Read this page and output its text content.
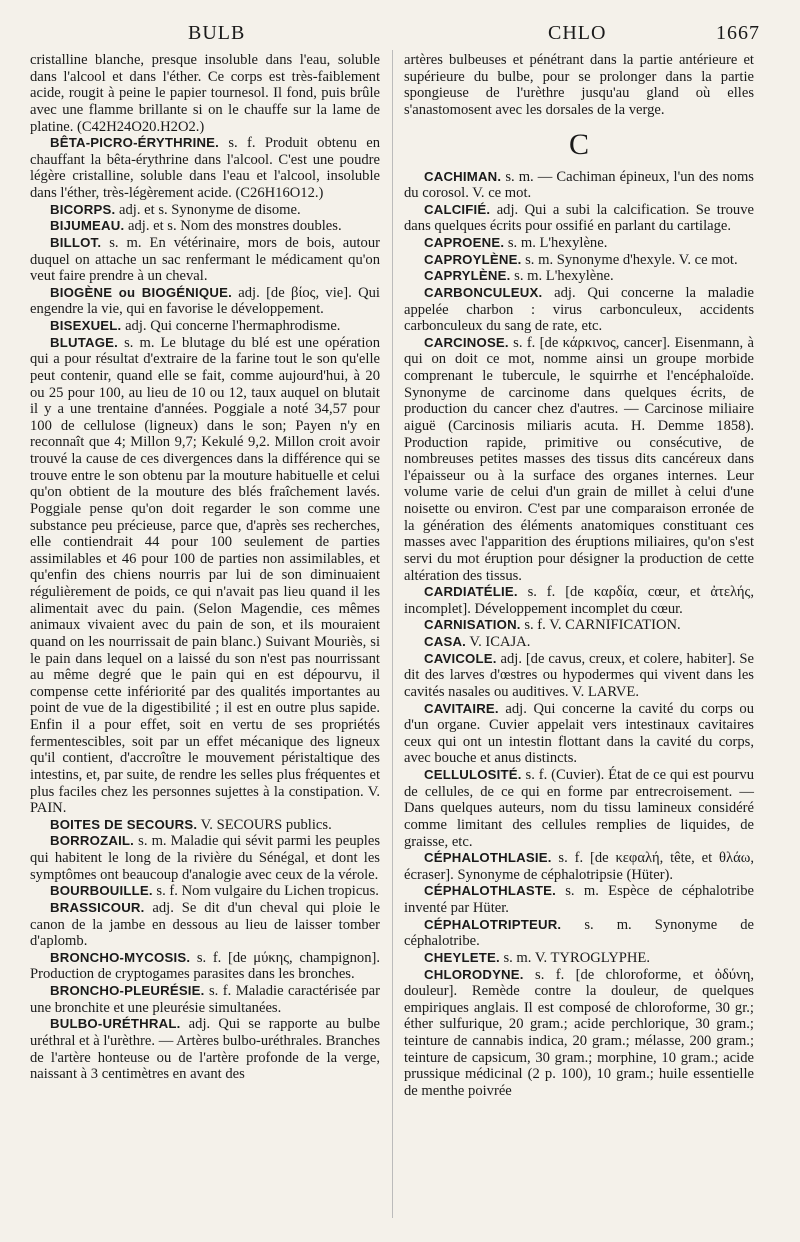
BULB	CHLO	1667

cristalline blanche, presque insoluble dans l'eau, soluble dans l'alcool et dans l'éther. Ce corps est très-faiblement acide, rougit à peine le papier tournesol. Il fond, puis brûle avec une flamme brillante si on le chauffe sur la lame de platine. (C42H24O20.H2O2.)

BÊTA-PICRO-ÉRYTHRINE. s. f. Produit obtenu en chauffant la bêta-érythrine dans l'alcool. C'est une poudre légère cristalline, soluble dans l'eau et l'alcool, insoluble dans l'éther, très-légèrement acide. (C26H16O12.)

BICORPS. adj. et s. Synonyme de disome.

BIJUMEAU. adj. et s. Nom des monstres doubles.

BILLOT. s. m. En vétérinaire, mors de bois, autour duquel on attache un sac renfermant le médicament qu'on veut faire prendre à un cheval.

BIOGÈNE ou BIOGÉNIQUE. adj. [de βίος, vie]. Qui engendre la vie, qui en favorise le développement.

BISEXUEL. adj. Qui concerne l'hermaphrodisme.

BLUTAGE. s. m. Le blutage du blé est une opération qui a pour résultat d'extraire de la farine tout le son qu'elle peut contenir, quand elle se fait, comme aujourd'hui, à 20 ou 25 pour 100, au lieu de 10 ou 12, taux auquel on blutait il y a une trentaine d'années. Poggiale a noté 34,57 pour 100 de cellulose (ligneux) dans le son; Payen n'y en reconnaît que 4; Millon 9,7; Kekulé 9,2. Millon croit avoir trouvé la cause de ces divergences dans la différence qui se trouve entre le son obtenu par la mouture habituelle et celui qu'on obtient de la mouture des blés fraîchement lavés. Poggiale pense qu'on doit regarder le son comme une substance peu précieuse, parce que, d'après ses recherches, elle contiendrait 44 pour 100 seulement de parties assimilables et 46 pour 100 de parties non assimilables, et qu'enfin des chiens nourris par lui de son diminuaient régulièrement de poids, ce qui n'avait pas lieu quand il les alimentait avec du pain. (Selon Magendie, ces mêmes animaux vivaient avec du pain de son, et ils mouraient quand on les nourrissait de pain blanc.) Suivant Mouriès, si le pain dans lequel on a laissé du son n'est pas nourrissant au même degré que le pain qui en est dépourvu, il compense cette infériorité par des qualités importantes au point de vue de la digestibilité ; il est en outre plus sapide. Enfin il a pour effet, soit en vertu de ses propriétés fermentescibles, soit par un effet mécanique des ligneux qu'il contient, d'accroître le mouvement péristaltique des intestins, et, par suite, de rendre les selles plus fréquentes et plus faciles chez les personnes sujettes à la constipation. V. PAIN.

BOITES DE SECOURS. V. SECOURS publics.

BORROZAIL. s. m. Maladie qui sévit parmi les peuples qui habitent le long de la rivière du Sénégal, et dont les symptômes ont beaucoup d'analogie avec ceux de la vérole.

BOURBOUILLE. s. f. Nom vulgaire du Lichen tropicus.

BRASSICOUR. adj. Se dit d'un cheval qui ploie le canon de la jambe en dessous au lieu de laisser tomber d'aplomb.

BRONCHO-MYCOSIS. s. f. [de μύκης, champignon]. Production de cryptogames parasites dans les bronches.

BRONCHO-PLEURÉSIE. s. f. Maladie caractérisée par une bronchite et une pleurésie simultanées.

BULBO-URÉTHRAL. adj. Qui se rapporte au bulbe uréthral et à l'urèthre. — Artères bulbo-uréthrales. Branches de l'artère honteuse ou de l'artère profonde de la verge, naissant à 3 centimètres en avant des

artères bulbeuses et pénétrant dans la partie antérieure et supérieure du bulbe, pour se prolonger dans la partie spongieuse de l'urèthre jusqu'au gland où elles s'anastomosent avec les dorsales de la verge.

C

CACHIMAN. s. m. — Cachiman épineux, l'un des noms du corosol. V. ce mot.

CALCIFIÉ. adj. Qui a subi la calcification. Se trouve dans quelques écrits pour ossifié en parlant du cartilage.

CAPROENE. s. m. L'hexylène.

CAPROYLÈNE. s. m. Synonyme d'hexyle. V. ce mot.

CAPRYLÈNE. s. m. L'hexylène.

CARBONCULEUX. adj. Qui concerne la maladie appelée charbon : virus carbonculeux, accidents carbonculeux du sang de rate, etc.

CARCINOSE. s. f. [de κάρκινος, cancer]. Eisenmann, à qui on doit ce mot, nomme ainsi un groupe morbide comprenant le tubercule, le squirrhe et l'encéphaloïde. Synonyme de carcinome dans quelques écrits, de production du cancer chez d'autres. — Carcinose miliaire aiguë (Carcinosis miliaris acuta. H. Demme 1858). Production rapide, primitive ou consécutive, de nombreuses petites masses des tissus dits cancéreux dans l'épaisseur ou à la surface des organes internes. Leur volume varie de celui d'un grain de millet à celui d'une noisette ou environ. C'est par une comparaison erronée de la génération des éléments anatomiques constituant ces masses avec l'apparition des éruptions miliaires, qu'on s'est servi du mot éruption pour désigner la production de cette altération des tissus.

CARDIATÉLIE. s. f. [de καρδία, cœur, et ἀτελής, incomplet]. Développement incomplet du cœur.

CARNISATION. s. f. V. CARNIFICATION.

CASA. V. ICAJA.

CAVICOLE. adj. [de cavus, creux, et colere, habiter]. Se dit des larves d'œstres ou hypodermes qui vivent dans les cavités nasales ou auditives. V. LARVE.

CAVITAIRE. adj. Qui concerne la cavité du corps ou d'un organe. Cuvier appelait vers intestinaux cavitaires ceux qui ont un intestin flottant dans la cavité du corps, avec bouche et anus distincts.

CELLULOSITÉ. s. f. (Cuvier). État de ce qui est pourvu de cellules, de ce qui en forme par entrecroisement. — Dans quelques auteurs, nom du tissu lamineux considéré comme limitant des cellules remplies de liquides, de graisse, etc.

CÉPHALOTHLASIE. s. f. [de κεφαλή, tête, et θλάω, écraser]. Synonyme de céphalotripsie (Hüter).

CÉPHALOTHLASTE. s. m. Espèce de céphalotribe inventé par Hüter.

CÉPHALOTRIPTEUR. s. m. Synonyme de céphalotribe.

CHEYLETE. s. m. V. TYROGLYPHE.

CHLORODYNE. s. f. [de chloroforme, et ὀδύνη, douleur]. Remède contre la douleur, de quelques empiriques anglais. Il est composé de chloroforme, 30 gr.; éther sulfurique, 20 gram.; acide perchlorique, 30 gram.; teinture de cannabis indica, 20 gram.; mélasse, 200 gram.; teinture de capsicum, 30 gram.; morphine, 10 gram.; acide prussique médicinal (2 p. 100), 10 gram.; huile essentielle de menthe poivrée
